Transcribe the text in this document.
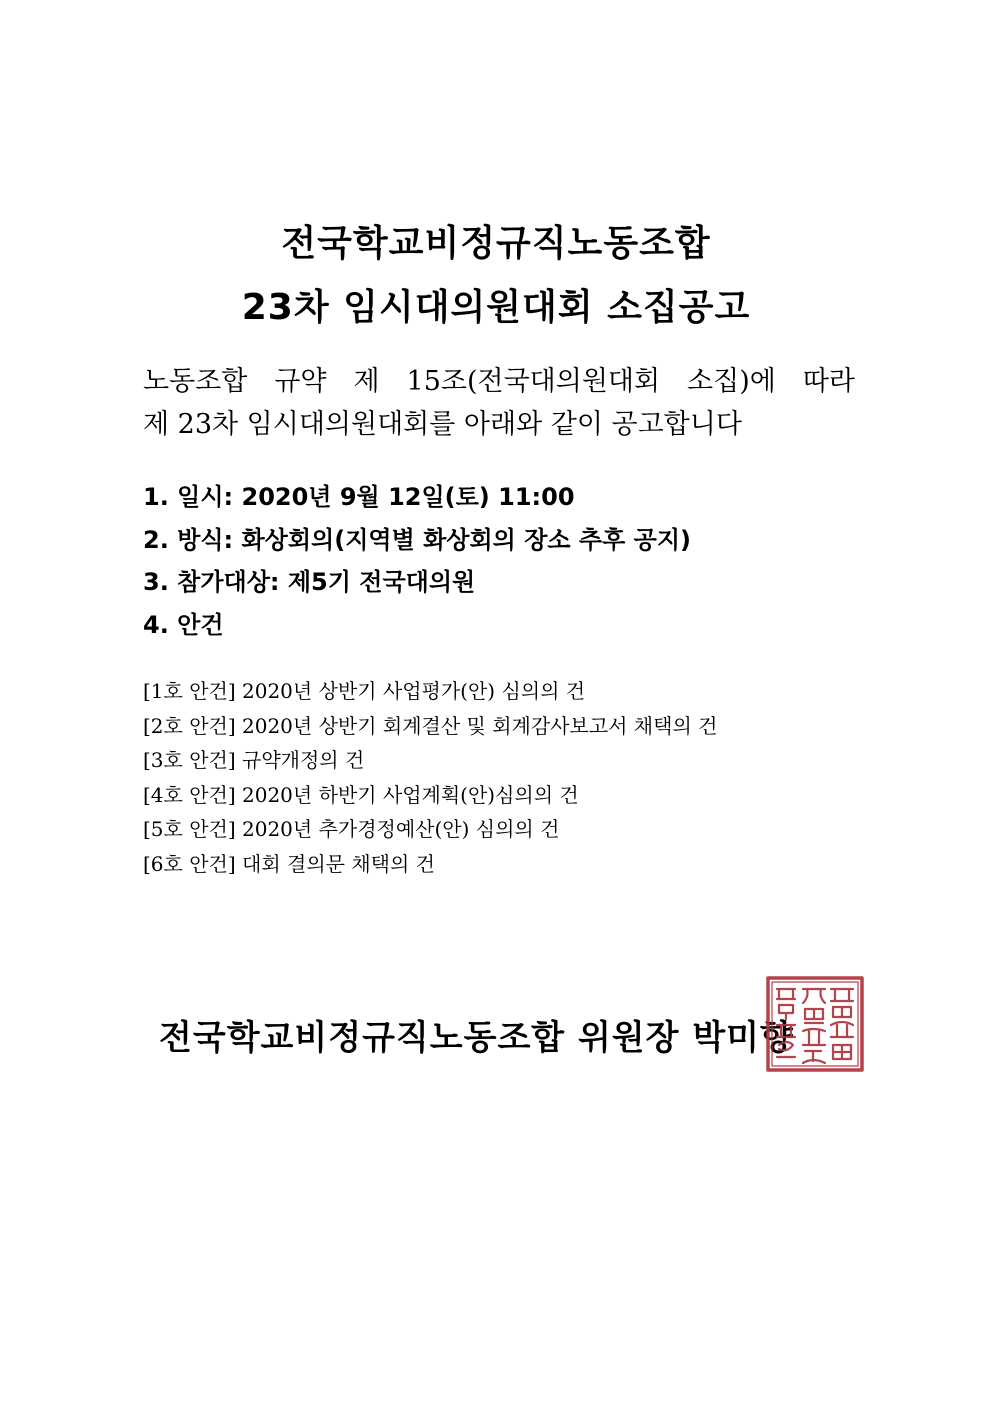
전국학교비정규직노동조합
23차 임시대의원대회 소집공고
노동조합 규약 제 15조(전국대의원대회 소집)에 따라
제 23차 임시대의원대회를 아래와 같이 공고합니다
1. 일시: 2020년 9월 12일(토) 11:00
2. 방식: 화상회의(지역별 화상회의 장소 추후 공지)
3. 참가대상: 제5기 전국대의원
4. 안건
[1호 안건] 2020년 상반기 사업평가(안) 심의의 건
[2호 안건] 2020년 상반기 회계결산 및 회계감사보고서 채택의 건
[3호 안건] 규약개정의 건
[4호 안건] 2020년 하반기 사업계획(안)심의의 건
[5호 안건] 2020년 추가경정예산(안) 심의의 건
[6호 안건] 대회 결의문 채택의 건
전국학교비정규직노동조합 위원장 박미향
